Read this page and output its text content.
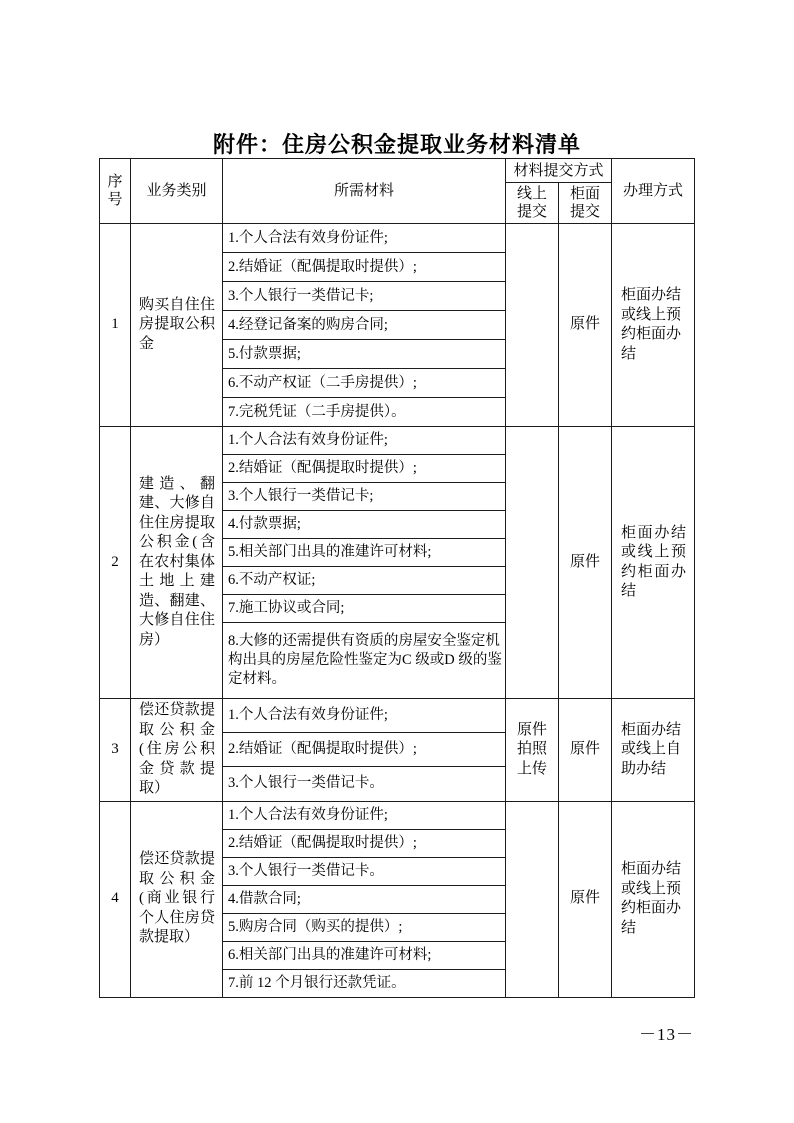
附件：住房公积金提取业务材料清单
序号	业务类别	所需材料	材料提交方式		办理方式
			线上提交	柜面提交	
1	购买自住住房提取公积金	1.个人合法有效身份证件;		原件	柜面办结或线上预约柜面办结
		2.结婚证（配偶提取时提供）;			
		3.个人银行一类借记卡;			
		4.经登记备案的购房合同;			
		5.付款票据;			
		6.不动产权证（二手房提供）;			
		7.完税凭证（二手房提供）。			
2	建造、翻建、大修自住住房提取公积金(含在农村集体土地上建造、翻建、大修自住住房）	1.个人合法有效身份证件;		原件	柜面办结或线上预约柜面办结
		2.结婚证（配偶提取时提供）;			
		3.个人银行一类借记卡;			
		4.付款票据;			
		5.相关部门出具的准建许可材料;			
		6.不动产权证;			
		7.施工协议或合同;			
		8.大修的还需提供有资质的房屋安全鉴定机构出具的房屋危险性鉴定为C 级或D 级的鉴定材料。			
3	偿还贷款提取公积金(住房公积金贷款提取）	1.个人合法有效身份证件;	原件拍照上传	原件	柜面办结或线上自助办结
		2.结婚证（配偶提取时提供）;			
		3.个人银行一类借记卡。			
4	偿还贷款提取公积金(商业银行个人住房贷款提取）	1.个人合法有效身份证件;		原件	柜面办结或线上预约柜面办结
		2.结婚证（配偶提取时提供）;			
		3.个人银行一类借记卡。			
		4.借款合同;			
		5.购房合同（购买的提供）;			
		6.相关部门出具的准建许可材料;			
		7.前 12 个月银行还款凭证。			
－13－
